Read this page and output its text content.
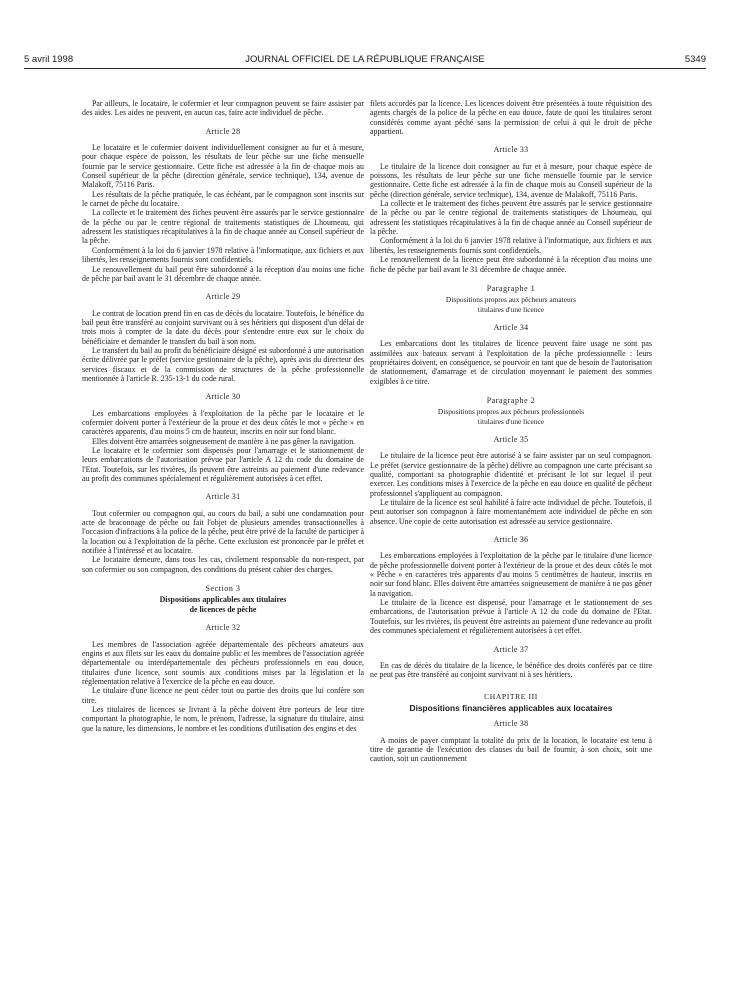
5 avril 1998	JOURNAL OFFICIEL DE LA RÉPUBLIQUE FRANÇAISE	5349

Par ailleurs, le locataire, le cofermier et leur compagnon peuvent se faire assister par des aides. Les aides ne peuvent, en aucun cas, faire acte individuel de pêche.

Article 28

Le locataire et le cofermier doivent individuellement consigner au fur et à mesure, pour chaque espèce de poisson, les résultats de leur pêche sur une fiche mensuelle fournie par le service gestionnaire. Cette fiche est adressée à la fin de chaque mois au Conseil supérieur de la pêche (direction générale, service technique), 134, avenue de Malakoff, 75116 Paris.

Les résultats de la pêche pratiquée, le cas échéant, par le compagnon sont inscrits sur le carnet de pêche du locataire.

La collecte et le traitement des fiches peuvent être assurés par le service gestionnaire de la pêche ou par le centre régional de traitements statistiques de Lhoumeau, qui adressent les statistiques récapitulatives à la fin de chaque année au Conseil supérieur de la pêche.

Conformément à la loi du 6 janvier 1978 relative à l'informatique, aux fichiers et aux libertés, les renseignements fournis sont confidentiels.

Le renouvellement du bail peut être subordonné à la réception d'au moins une fiche de pêche par bail avant le 31 décembre de chaque année.

Article 29

Le contrat de location prend fin en cas de décès du locataire. Toutefois, le bénéfice du bail peut être transféré au conjoint survivant ou à ses héritiers qui disposent d'un délai de trois mois à compter de la date du décès pour s'entendre entre eux sur le choix du bénéficiaire et demander le transfert du bail à son nom.

Le transfert du bail au profit du bénéficiaire désigné est subordonné à une autorisation écrite délivrée par le préfet (service gestionnaire de la pêche), après avis du directeur des services fiscaux et de la commission de structures de la pêche professionnelle mentionnée à l'article R. 235-13-1 du code rural.

Article 30

Les embarcations employées à l'exploitation de la pêche par le locataire et le cofermier doivent porter à l'extérieur de la proue et des deux côtés le mot « pêche » en caractères apparents, d'au moins 5 cm de hauteur, inscrits en noir sur fond blanc.

Elles doivent être amarrées soigneusement de manière à ne pas gêner la navigation.

Le locataire et le cofermier sont dispensés pour l'amarrage et le stationnement de leurs embarcations de l'autorisation prévue par l'article A 12 du code du domaine de l'Etat. Toutefois, sur les rivières, ils peuvent être astreints au paiement d'une redevance au profit des communes spécialement et régulièrement autorisées à cet effet.

Article 31

Tout cofermier ou compagnon qui, au cours du bail, a subi une condamnation pour acte de braconnage de pêche ou fait l'objet de plusieurs amendes transactionnelles à l'occasion d'infractions à la police de la pêche, peut être privé de la faculté de participer à la location ou à l'exploitation de la pêche. Cette exclusion est prononcée par le préfet et notifiée à l'intéressé et au locataire.

Le locataire demeure, dans tous les cas, civilement responsable du non-respect, par son cofermier ou son compagnon, des conditions du présent cahier des charges.

Section 3

Dispositions applicables aux titulaires

de licences de pêche

Article 32

Les membres de l'association agréée départementale des pêcheurs amateurs aux engins et aux filets sur les eaux du domaine public et les membres de l'association agréée départementale ou interdépartementale des pêcheurs professionnels en eau douce, titulaires d'une licence, sont soumis aux conditions mises par la législation et la réglementation relative à l'exercice de la pêche en eau douce.

Le titulaire d'une licence ne peut céder tout ou partie des droits que lui confère son titre.

Les titulaires de licences se livrant à la pêche doivent être porteurs de leur titre comportant la photographie, le nom, le prénom, l'adresse, la signature du titulaire, ainsi que la nature, les dimensions, le nombre et les conditions d'utilisation des engins et des

filets accordés par la licence. Les licences doivent être présentées à toute réquisition des agents chargés de la police de la pêche en eau douce, faute de quoi les titulaires seront considérés comme ayant pêché sans la permission de celui à qui le droit de pêche appartient.

Article 33

Le titulaire de la licence doit consigner au fur et à mesure, pour chaque espèce de poissons, les résultats de leur pêche sur une fiche mensuelle fournie par le service gestionnaire. Cette fiche est adressée à la fin de chaque mois au Conseil supérieur de la pêche (direction générale, service technique), 134, avenue de Malakoff, 75116 Paris.

La collecte et le traitement des fiches peuvent être assurés par le service gestionnaire de la pêche ou par le centre régional de traitements statistiques de Lhoumeau, qui adressent les statistiques récapitulatives à la fin de chaque année au Conseil supérieur de la pêche.

Conformément à la loi du 6 janvier 1978 relative à l'informatique, aux fichiers et aux libertés, les renseignements fournis sont confidentiels.

Le renouvellement de la licence peut être subordonné à la réception d'au moins une fiche de pêche par bail avant le 31 décembre de chaque année.

Paragraphe 1

Dispositions propres aux pêcheurs amateurs

titulaires d'une licence

Article 34

Les embarcations dont les titulaires de licence peuvent faire usage ne sont pas assimilées aux bateaux servant à l'exploitation de la pêche professionnelle : leurs propriétaires doivent, en conséquence, se pourvoir en tant que de besoin de l'autorisation de stationnement, d'amarrage et de circulation moyennant le paiement des sommes exigibles à ce titre.

Paragraphe 2

Dispositions propres aux pêcheurs professionnels

titulaires d'une licence

Article 35

Le titulaire de la licence peut être autorisé à se faire assister par un seul compagnon. Le préfet (service gestionnaire de la pêche) délivre au compagnon une carte précisant sa qualité, comportant sa photographie d'identité et précisant le lot sur lequel il peut exercer. Les conditions mises à l'exercice de la pêche en eau douce en qualité de pêcheur professionnel s'appliquent au compagnon.

Le titulaire de la licence est seul habilité à faire acte individuel de pêche. Toutefois, il peut autoriser son compagnon à faire momentanément acte individuel de pêche en son absence. Une copie de cette autorisation est adressée au service gestionnaire.

Article 36

Les embarcations employées à l'exploitation de la pêche par le titulaire d'une licence de pêche professionnelle doivent porter à l'extérieur de la proue et des deux côtés le mot « Pêche » en caractères très apparents d'au moins 5 centimètres de hauteur, inscrits en noir sur fond blanc. Elles doivent être amarrées soigneusement de manière à ne pas gêner la navigation.

Le titulaire de la licence est dispensé, pour l'amarrage et le stationnement de ses embarcations, de l'autorisation prévue à l'article A 12 du code du domaine de l'Etat. Toutefois, sur les rivières, ils peuvent être astreints au paiement d'une redevance au profit des communes spécialement et régulièrement autorisées à cet effet.

Article 37

En cas de décès du titulaire de la licence, le bénéfice des droits conférés par ce titre ne peut pas être transféré au conjoint survivant ni à ses héritiers.

CHAPITRE III

Dispositions financières applicables aux locataires

Article 38

A moins de payer comptant la totalité du prix de la location, le locataire est tenu à titre de garantie de l'exécution des clauses du bail de fournir, à son choix, soit une caution, soit un cautionnement
